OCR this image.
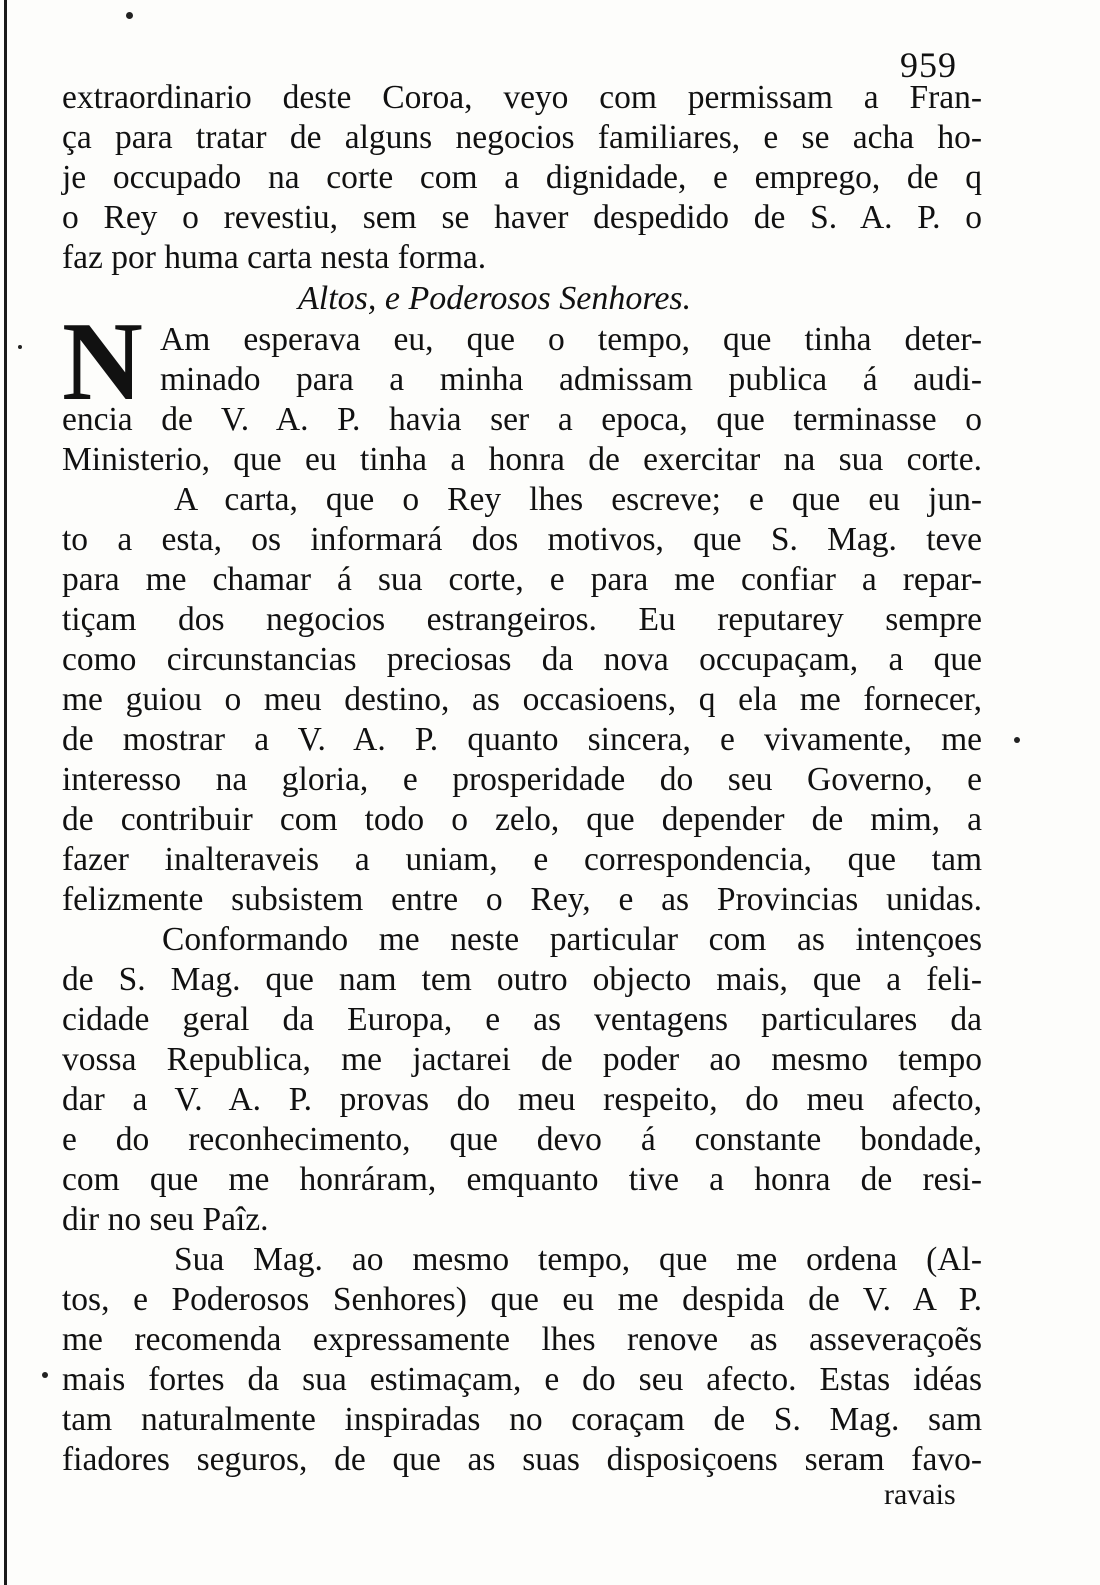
959
extraordinario deste Coroa, veyo com permissam a Fran-
ça para tratar de alguns negocios familiares, e se acha ho-
je occupado na corte com a dignidade, e emprego, de q
o Rey o revestiu, sem se haver despedido de S. A. P. o
faz por huma carta nesta forma.
Altos, e Poderosos Senhores.
N Am esperava eu, que o tempo, que tinha deter-
minado para a minha admissam publica á audi-
encia de V. A. P. havia ser a epoca, que terminasse o
Ministerio, que eu tinha a honra de exercitar na sua corte.
A carta, que o Rey lhes escreve; e que eu jun-
to a esta, os informará dos motivos, que S. Mag. teve
para me chamar á sua corte, e para me confiar a repar-
tiçam dos negocios estrangeiros. Eu reputarey sempre
como circunstancias preciosas da nova occupaçam, a que
me guiou o meu destino, as occasioens, q ela me fornecer,
de mostrar a V. A. P. quanto sincera, e vivamente, me
interesso na gloria, e prosperidade do seu Governo, e
de contribuir com todo o zelo, que depender de mim, a
fazer inalteraveis a uniam, e correspondencia, que tam
felizmente subsistem entre o Rey, e as Provincias unidas.
Conformando me neste particular com as intençoes
de S. Mag. que nam tem outro objecto mais, que a feli-
cidade geral da Europa, e as ventagens particulares da
vossa Republica, me jactarei de poder ao mesmo tempo
dar a V. A. P. provas do meu respeito, do meu afecto,
e do reconhecimento, que devo á constante bondade,
com que me honráram, emquanto tive a honra de resi-
dir no seu Paîz.
Sua Mag. ao mesmo tempo, que me ordena (Al-
tos, e Poderosos Senhores) que eu me despida de V. A P.
me recomenda expressamente lhes renove as asseveraçoẽs
mais fortes da sua estimaçam, e do seu afecto. Estas idéas
tam naturalmente inspiradas no coraçam de S. Mag. sam
fiadores seguros, de que as suas disposiçoens seram favo-
ravais
